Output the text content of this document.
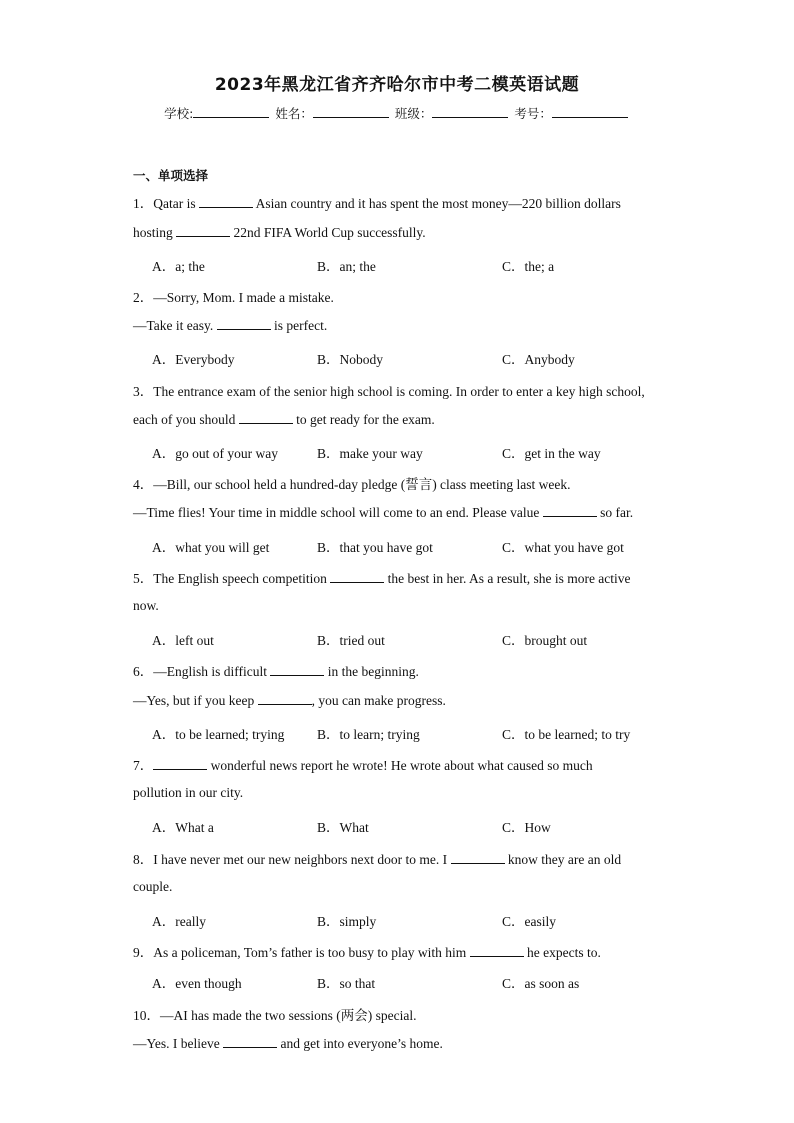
2023年黑龙江省齐齐哈尔市中考二模英语试题
学校:	姓名：	班级：	考号：
一、单项选择
1．Qatar is	Asian country and it has spent the most money—220 billion dollars
hosting	22nd FIFA World Cup successfully.
A．a; the	B．an; the	C．the; a
2．—Sorry, Mom. I made a mistake.
—Take it easy.	is perfect.
A．Everybody	B．Nobody	C．Anybody
3．The entrance exam of the senior high school is coming. In order to enter a key high school,
each of you should	to get ready for the exam.
A．go out of your way	B．make your way	C．get in the way
4．—Bill, our school held a hundred-day pledge (誓言) class meeting last week.
—Time flies! Your time in middle school will come to an end. Please value	so far.
A．what you will get	B．that you have got	C．what you have got
5．The English speech competition	the best in her. As a result, she is more active
now.
A．left out	B．tried out	C．brought out
6．—English is difficult	in the beginning.
—Yes, but if you keep	, you can make progress.
A．to be learned; trying B．to learn; trying	C．to be learned; to try
7．	wonderful news report he wrote! He wrote about what caused so much
pollution in our city.
A．What a	B．What	C．How
8．I have never met our new neighbors next door to me. I	know they are an old
couple.
A．really	B．simply	C．easily
9．As a policeman, Tom’s father is too busy to play with him	he expects to.
A．even though	B．so that	C．as soon as
10．—AI has made the two sessions (两会) special.
—Yes. I believe	and get into everyone’s home.
